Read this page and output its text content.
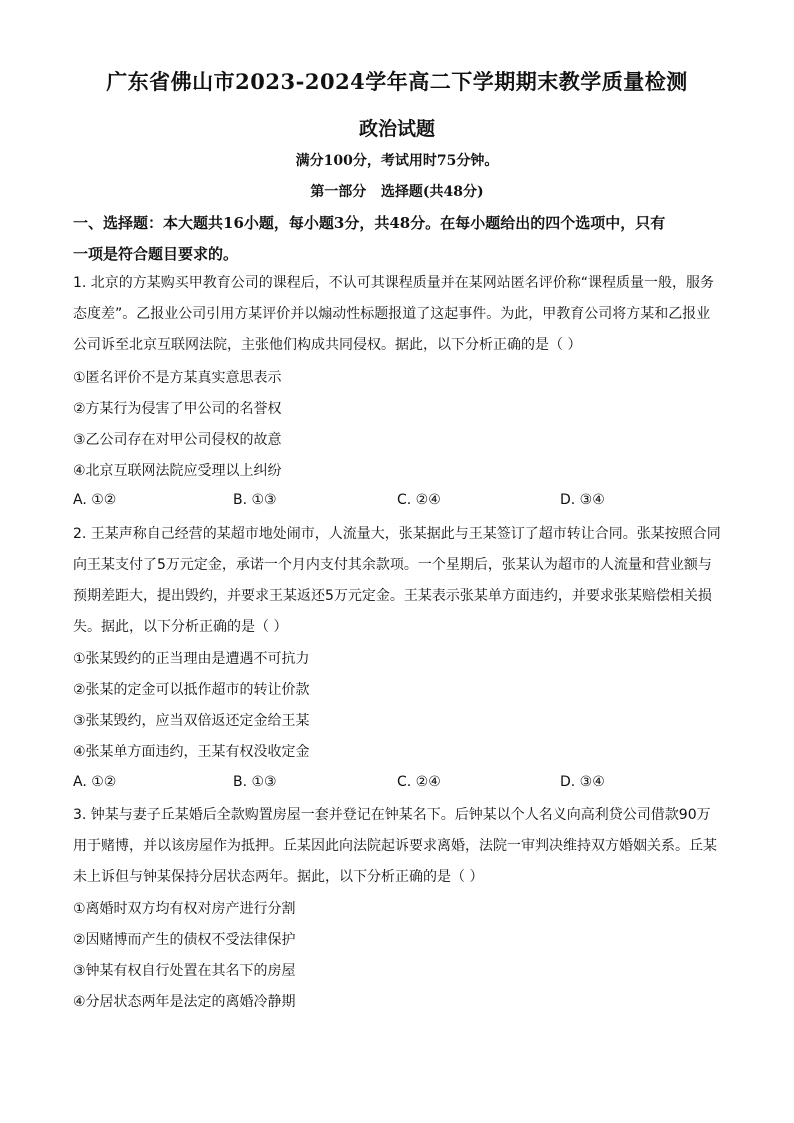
广东省佛山市2023-2024学年高二下学期期末教学质量检测
政治试题
满分100分，考试用时75分钟。
第一部分   选择题(共48分)
一、选择题：本大题共16小题，每小题3分，共48分。在每小题给出的四个选项中，只有
一项是符合题目要求的。
1. 北京的方某购买甲教育公司的课程后，不认可其课程质量并在某网站匿名评价称“课程质量一般，服务
态度差”。乙报业公司引用方某评价并以煽动性标题报道了这起事件。为此，甲教育公司将方某和乙报业
公司诉至北京互联网法院，主张他们构成共同侵权。据此，以下分析正确的是（ ）
①匿名评价不是方某真实意思表示
②方某行为侵害了甲公司的名誉权
③乙公司存在对甲公司侵权的故意
④北京互联网法院应受理以上纠纷
A. ①②	B. ①③	C. ②④	D. ③④
2. 王某声称自己经营的某超市地处闹市，人流量大，张某据此与王某签订了超市转让合同。张某按照合同
向王某支付了5万元定金，承诺一个月内支付其余款项。一个星期后，张某认为超市的人流量和营业额与
预期差距大，提出毁约，并要求王某返还5万元定金。王某表示张某单方面违约，并要求张某赔偿相关损
失。据此，以下分析正确的是（ ）
①张某毁约的正当理由是遭遇不可抗力
②张某的定金可以抵作超市的转让价款
③张某毁约，应当双倍返还定金给王某
④张某单方面违约，王某有权没收定金
A. ①②	B. ①③	C. ②④	D. ③④
3. 钟某与妻子丘某婚后全款购置房屋一套并登记在钟某名下。后钟某以个人名义向高利贷公司借款90万
用于赌博，并以该房屋作为抵押。丘某因此向法院起诉要求离婚，法院一审判决维持双方婚姻关系。丘某
未上诉但与钟某保持分居状态两年。据此，以下分析正确的是（ ）
①离婚时双方均有权对房产进行分割
②因赌博而产生的债权不受法律保护
③钟某有权自行处置在其名下的房屋
④分居状态两年是法定的离婚冷静期
